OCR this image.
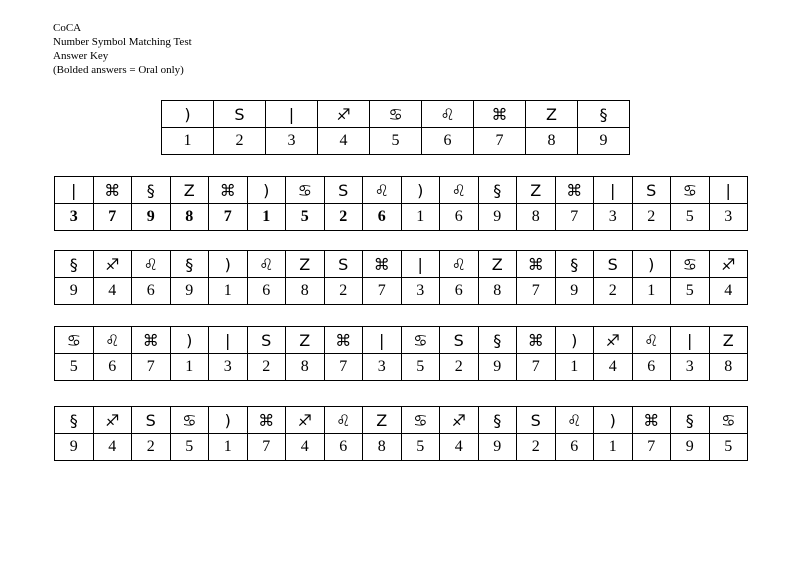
CoCA
Number Symbol Matching Test
Answer Key
(Bolded answers = Oral only)
)	S	|	♐	♋	♌	⌘	Z	§
1	2	3	4	5	6	7	8	9
|	⌘	§	Z	⌘	)	♋	S	♌	)	♌	§	Z	⌘	|	S	♋	|
3	7	9	8	7	1	5	2	6	1	6	9	8	7	3	2	5	3
§	♐	♌	§	)	♌	Z	S	⌘	|	♌	Z	⌘	§	S	)	♋	♐
9	4	6	9	1	6	8	2	7	3	6	8	7	9	2	1	5	4
♋	♌	⌘	)	|	S	Z	⌘	|	♋	S	§	⌘	)	♐	♌	|	Z
5	6	7	1	3	2	8	7	3	5	2	9	7	1	4	6	3	8
§	♐	S	♋	)	⌘	♐	♌	Z	♋	♐	§	S	♌	)	⌘	§	♋
9	4	2	5	1	7	4	6	8	5	4	9	2	6	1	7	9	5
